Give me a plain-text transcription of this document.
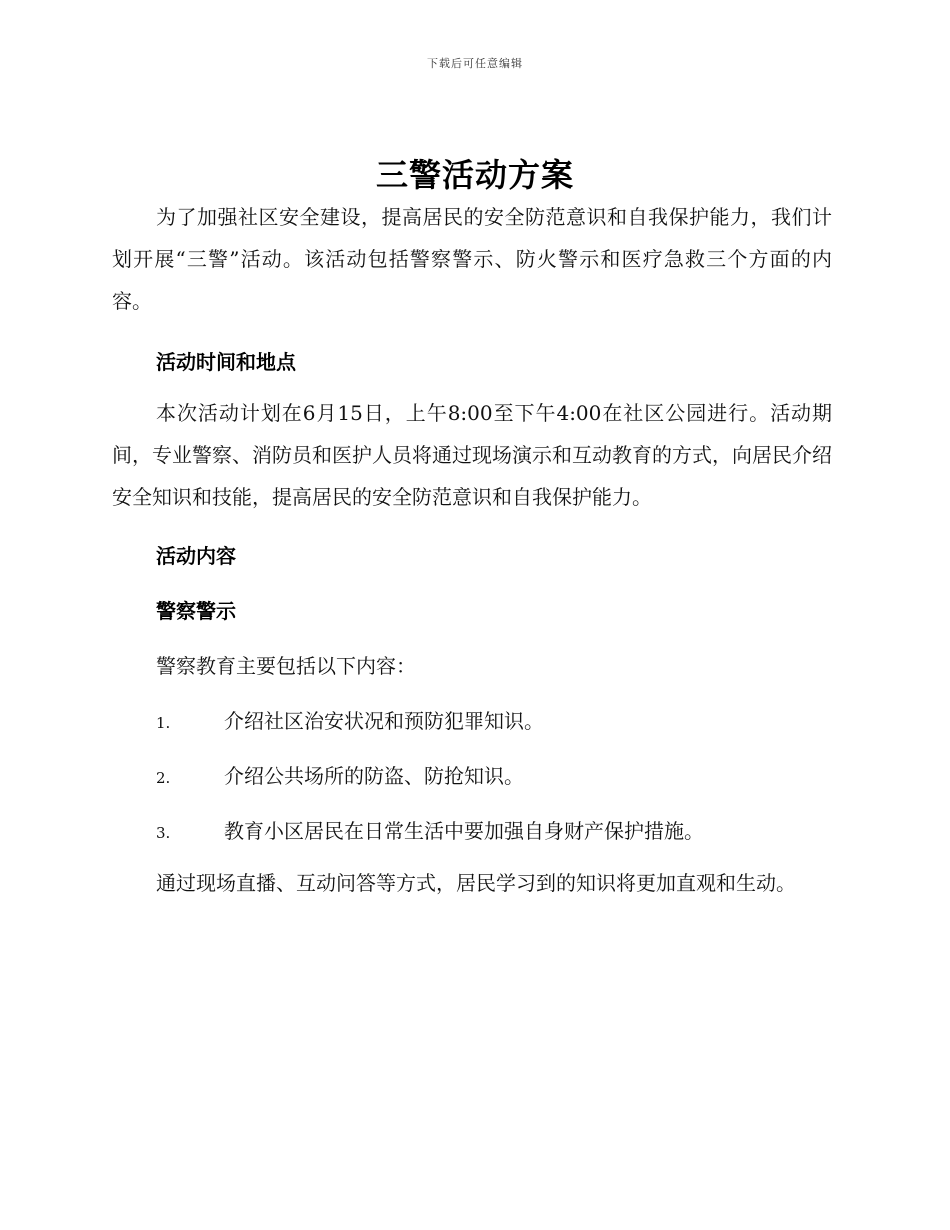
下载后可任意编辑
三警活动方案
为了加强社区安全建设，提高居民的安全防范意识和自我保护能力，我们计划开展“三警”活动。该活动包括警察警示、防火警示和医疗急救三个方面的内容。
活动时间和地点
本次活动计划在6月15日，上午8:00至下午4:00在社区公园进行。活动期间，专业警察、消防员和医护人员将通过现场演示和互动教育的方式，向居民介绍安全知识和技能，提高居民的安全防范意识和自我保护能力。
活动内容
警察警示
警察教育主要包括以下内容：
1.	介绍社区治安状况和预防犯罪知识。
2.	介绍公共场所的防盗、防抢知识。
3.	教育小区居民在日常生活中要加强自身财产保护措施。
通过现场直播、互动问答等方式，居民学习到的知识将更加直观和生动。
